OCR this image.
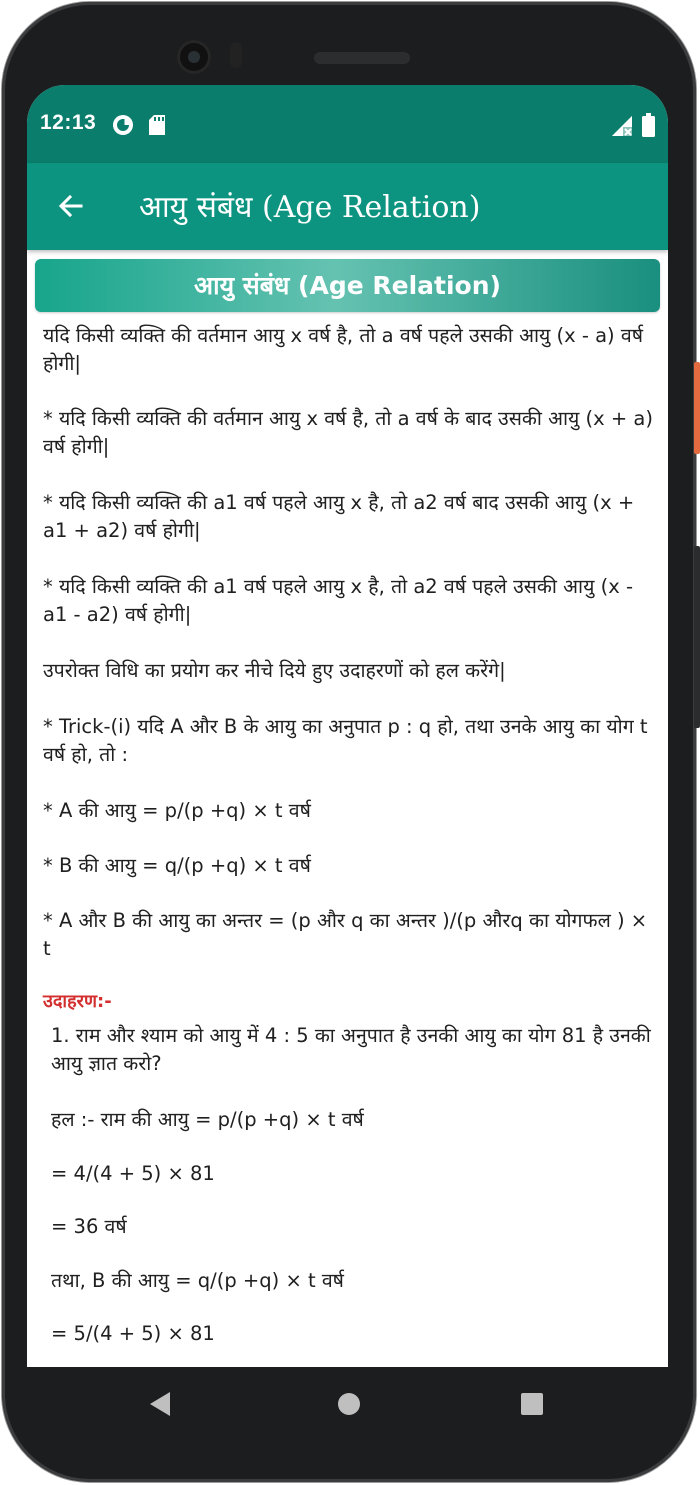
12:13
आयु संबंध (Age Relation)
आयु संबंध (Age Relation)
यदि किसी व्यक्ति की वर्तमान आयु x वर्ष है, तो a वर्ष पहले उसकी आयु (x - a) वर्ष होगी|
* यदि किसी व्यक्ति की वर्तमान आयु x वर्ष है, तो a वर्ष के बाद उसकी आयु (x + a) वर्ष होगी|
* यदि किसी व्यक्ति की a1 वर्ष पहले आयु x है, तो a2 वर्ष बाद उसकी आयु (x + a1 + a2) वर्ष होगी|
* यदि किसी व्यक्ति की a1 वर्ष पहले आयु x है, तो a2 वर्ष पहले उसकी आयु (x - a1 - a2) वर्ष होगी|
उपरोक्त विधि का प्रयोग कर नीचे दिये हुए उदाहरणों को हल करेंगे|
* Trick-(i) यदि A और B के आयु का अनुपात p : q हो, तथा उनके आयु का योग t वर्ष हो, तो :
* A की आयु = p/(p +q) × t वर्ष
* B की आयु = q/(p +q) × t वर्ष
* A और B की आयु का अन्तर = (p और q का अन्तर )/(p औरq का योगफल ) × t
उदाहरण:-
1. राम और श्याम को आयु में 4 : 5 का अनुपात है उनकी आयु का योग 81 है उनकी आयु ज्ञात करो?
हल :- राम की आयु = p/(p +q) × t वर्ष
= 4/(4 + 5) × 81
= 36 वर्ष
तथा, B की आयु = q/(p +q) × t वर्ष
= 5/(4 + 5) × 81
